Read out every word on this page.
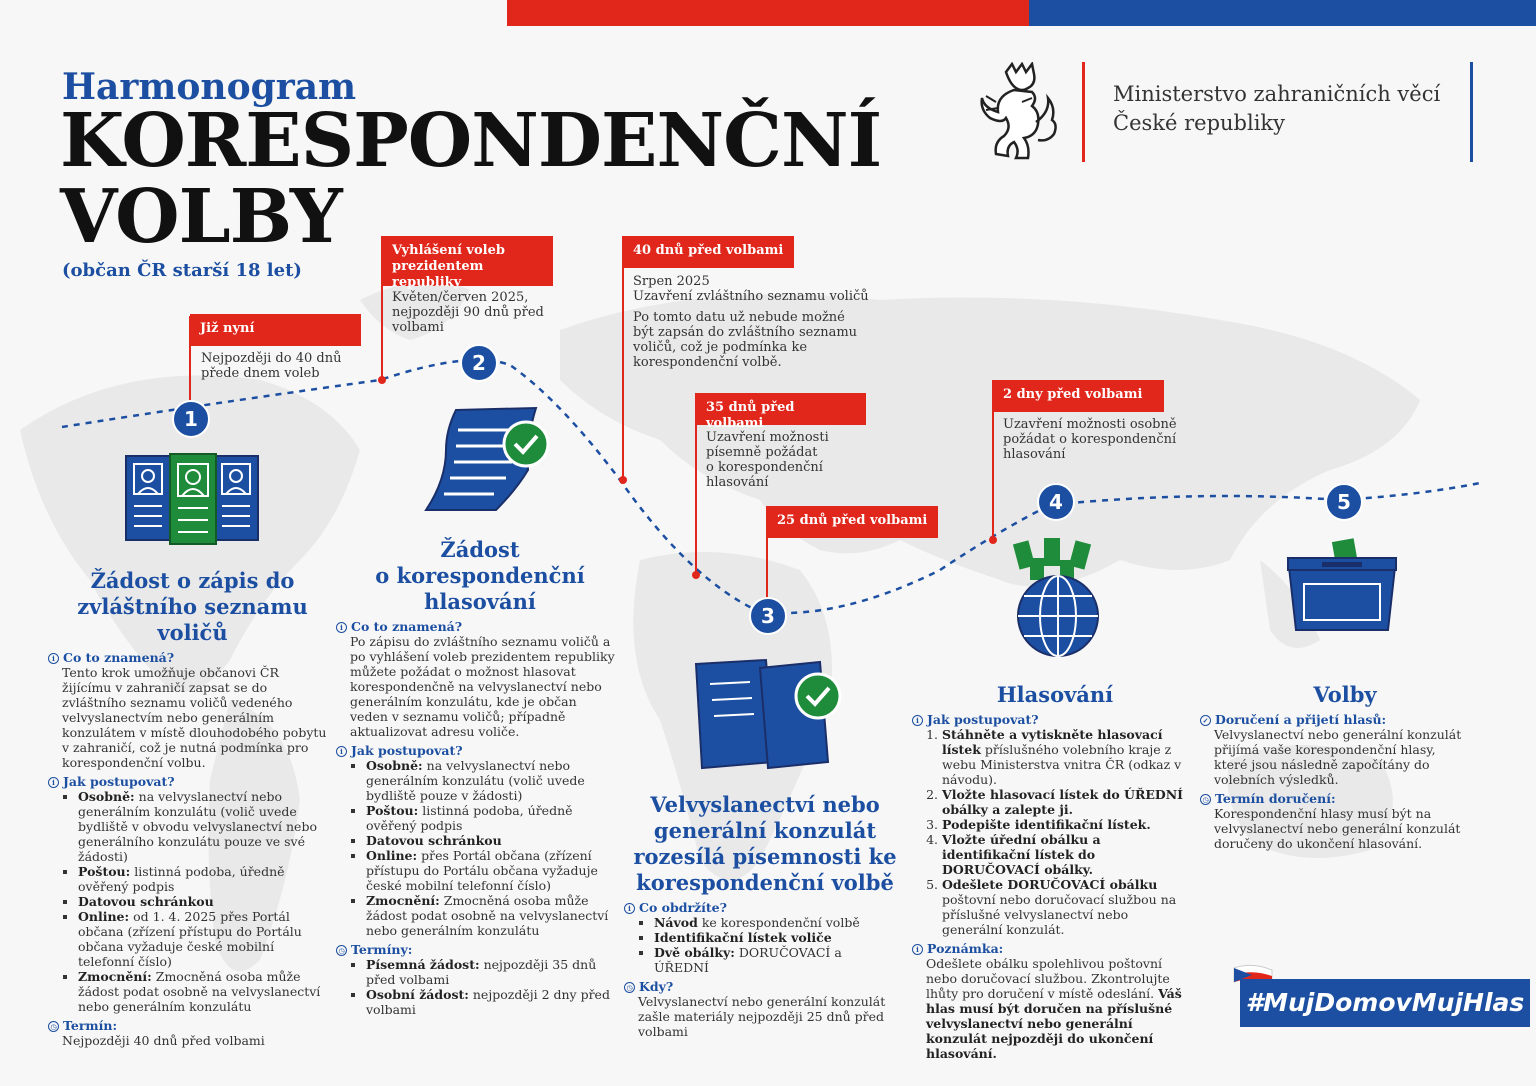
Harmonogram
KORESPONDENČNÍ
VOLBY
(občan ČR starší 18 let)
Ministerstvo zahraničních věcí
České republiky
Již nyní
Nejpozději do 40 dnů
přede dnem voleb
Vyhlášení voleb
prezidentem republiky
Květen/červen 2025,
nejpozději 90 dnů před
volbami
40 dnů před volbami
Srpen 2025
Uzavření zvláštního seznamu voličů
Po tomto datu už nebude možné
být zapsán do zvláštního seznamu
voličů, což je podmínka ke
korespondenční volbě.
35 dnů před volbami
Uzavření možnosti
písemně požádat
o korespondenční
hlasování
25 dnů před volbami
2 dny před volbami
Uzavření možnosti osobně
požádat o korespondenční
hlasování
1
2
3
4	5
Žádost o zápis do
zvláštního seznamu
voličů
Žádost
o korespondenční
hlasování
Velvyslanectví nebo
generální konzulát
rozesílá písemnosti ke
korespondenční volbě
Hlasování	Volby
i Co to znamená?
Tento krok umožňuje občanovi ČR žijícímu v zahraničí zapsat se do zvláštního seznamu voličů vedeného velvyslanectvím nebo generálním konzulátem v místě dlouhodobého pobytu v zahraničí, což je nutná podmínka pro korespondenční volbu.
i Jak postupovat?
▪ Osobně: na velvyslanectví nebo generálním konzulátu (volič uvede bydliště v obvodu velvyslanectví nebo generálního konzulátu pouze ve své žádosti)
▪ Poštou: listinná podoba, úředně ověřený podpis
▪ Datovou schránkou
▪ Online: od 1. 4. 2025 přes Portál občana (zřízení přístupu do Portálu občana vyžaduje české mobilní telefonní číslo)
▪ Zmocnění: Zmocněná osoba může žádost podat osobně na velvyslanectví nebo generálním konzulátu
◷ Termín:
Nejpozději 40 dnů před volbami
i Co to znamená?
Po zápisu do zvláštního seznamu voličů a po vyhlášení voleb prezidentem republiky můžete požádat o možnost hlasovat korespondenčně na velvyslanectví nebo generálním konzulátu, kde je občan veden v seznamu voličů; případně aktualizovat adresu voliče.
i Jak postupovat?
▪ Osobně: na velvyslanectví nebo generálním konzulátu (volič uvede bydliště pouze v žádosti)
▪ Poštou: listinná podoba, úředně ověřený podpis
▪ Datovou schránkou
▪ Online: přes Portál občana (zřízení přístupu do Portálu občana vyžaduje české mobilní telefonní číslo)
▪ Zmocnění: Zmocněná osoba může žádost podat osobně na velvyslanectví nebo generálním konzulátu
◷ Termíny:
▪ Písemná žádost: nejpozději 35 dnů před volbami
▪ Osobní žádost: nejpozději 2 dny před volbami
i Co obdržíte?
▪ Návod ke korespondenční volbě
▪ Identifikační lístek voliče
▪ Dvě obálky: DORUČOVACÍ a ÚŘEDNÍ
◷ Kdy?
Velvyslanectví nebo generální konzulát zašle materiály nejpozději 25 dnů před volbami
i Jak postupovat?
1. Stáhněte a vytiskněte hlasovací lístek příslušného volebního kraje z webu Ministerstva vnitra ČR (odkaz v návodu).
2. Vložte hlasovací lístek do ÚŘEDNÍ obálky a zalepte ji.
3. Podepište identifikační lístek.
4. Vložte úřední obálku a identifikační lístek do DORUČOVACÍ obálky.
5. Odešlete DORUČOVACÍ obálku poštovní nebo doručovací službou na příslušné velvyslanectví nebo generální konzulát.
i Poznámka:
Odešlete obálku spolehlivou poštovní nebo doručovací službou. Zkontrolujte lhůty pro doručení v místě odeslání. Váš hlas musí být doručen na příslušné velvyslanectví nebo generální konzulát nejpozději do ukončení hlasování.
✓ Doručení a přijetí hlasů:
Velvyslanectví nebo generální konzulát přijímá vaše korespondenční hlasy, které jsou následně započítány do volebních výsledků.
◷ Termín doručení:
Korespondenční hlasy musí být na velvyslanectví nebo generální konzulát doručeny do ukončení hlasování.
#MujDomovMujHlas
